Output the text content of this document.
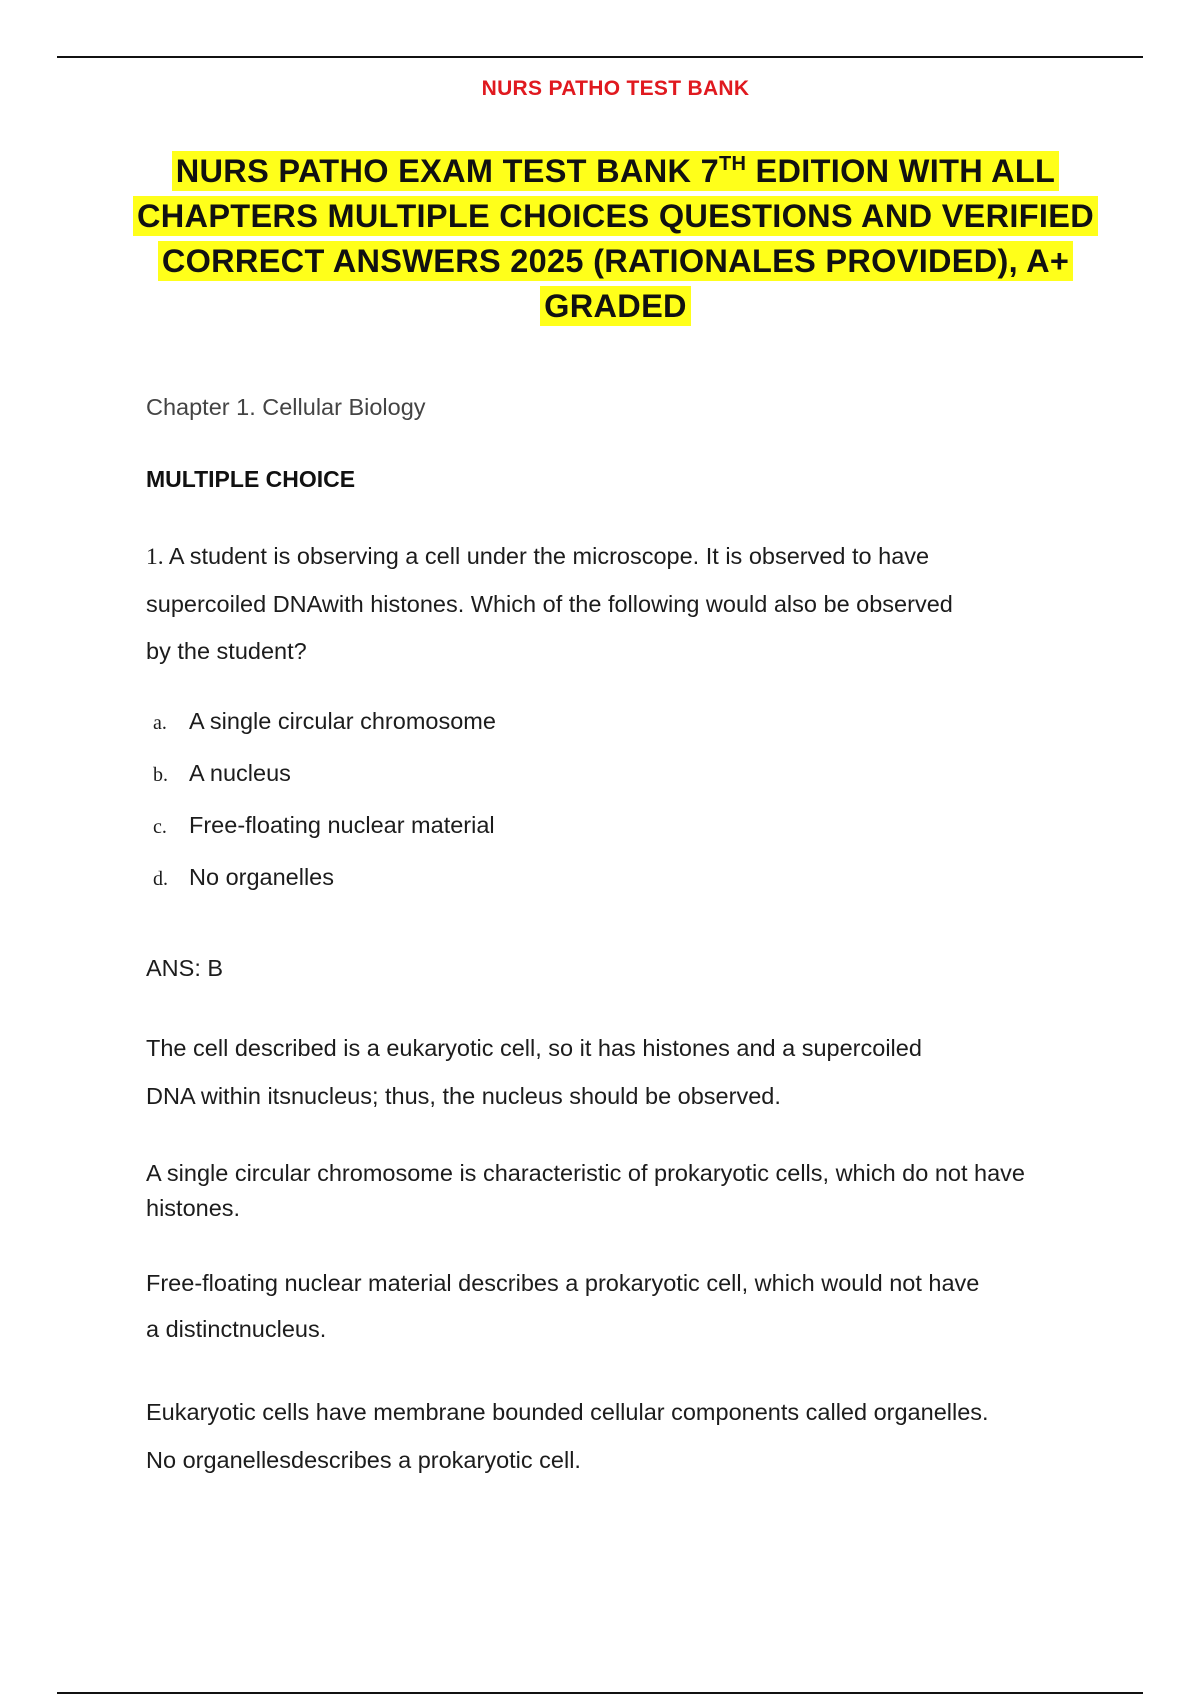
NURS PATHO TEST BANK
NURS PATHO EXAM TEST BANK 7TH EDITION WITH ALL CHAPTERS MULTIPLE CHOICES QUESTIONS AND VERIFIED CORRECT ANSWERS 2025 (RATIONALES PROVIDED), A+ GRADED
Chapter 1. Cellular Biology
MULTIPLE CHOICE
1. A student is observing a cell under the microscope. It is observed to have
supercoiled DNAwith histones. Which of the following would also be observed
by the student?
a. A single circular chromosome
b. A nucleus
c. Free-floating nuclear material
d. No organelles
ANS: B
The cell described is a eukaryotic cell, so it has histones and a supercoiled
DNA within itsnucleus; thus, the nucleus should be observed.
A single circular chromosome is characteristic of prokaryotic cells, which do not have
histones.
Free-floating nuclear material describes a prokaryotic cell, which would not have
a distinctnucleus.
Eukaryotic cells have membrane bounded cellular components called organelles.
No organellesdescribes a prokaryotic cell.
